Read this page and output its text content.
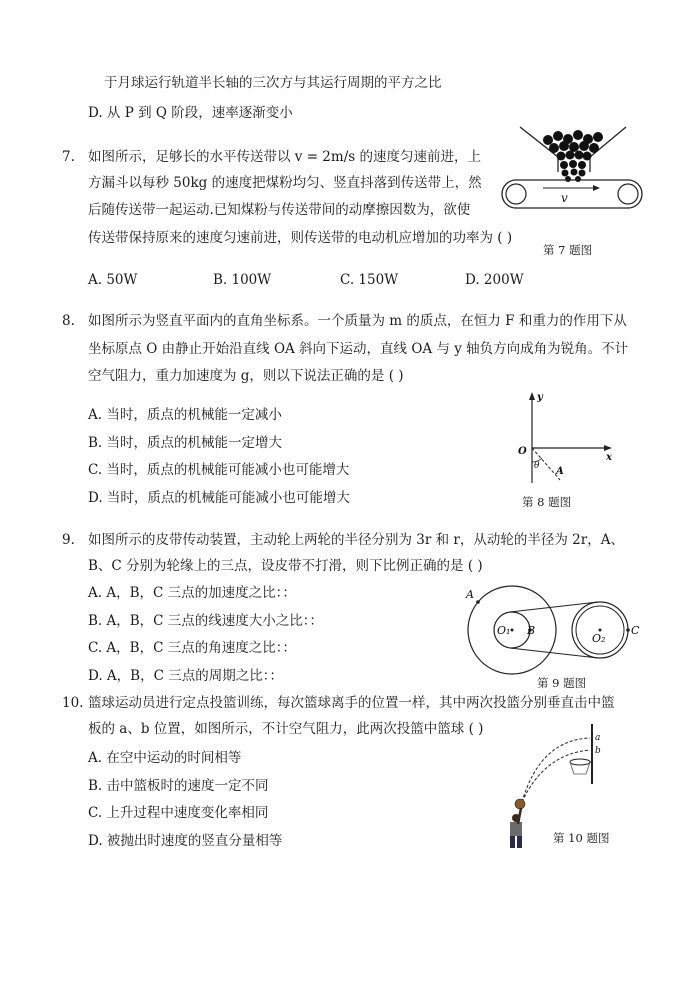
于月球运行轨道半长轴的三次方与其运行周期的平方之比
D. 从 P 到 Q 阶段，速率逐渐变小
7. 如图所示，足够长的水平传送带以 v = 2m/s 的速度匀速前进，上
方漏斗以每秒 50kg 的速度把煤粉均匀、竖直抖落到传送带上，然
后随传送带一起运动.已知煤粉与传送带间的动摩擦因数为，欲使
传送带保持原来的速度匀速前进，则传送带的电动机应增加的功率为 ( )
A. 50W	B. 100W	C. 150W	D. 200W
v
第 7 题图
8. 如图所示为竖直平面内的直角坐标系。一个质量为 m 的质点，在恒力 F 和重力的作用下从
坐标原点 O 由静止开始沿直线 OA 斜向下运动，直线 OA 与 y 轴负方向成角为锐角。不计
空气阻力，重力加速度为 g，则以下说法正确的是 ( )
A. 当时，质点的机械能一定减小
B. 当时，质点的机械能一定增大
C. 当时，质点的机械能可能减小也可能增大
D. 当时，质点的机械能可能减小也可能增大
y
x
O
θ A
第 8 题图
9. 如图所示的皮带传动装置，主动轮上两轮的半径分别为 3r 和 r，从动轮的半径为 2r，A、
B、C 分别为轮缘上的三点，设皮带不打滑，则下比例正确的是 ( )
A. A，B，C 三点的加速度之比：：
B. A，B，C 三点的线速度大小之比：：
C. A，B，C 三点的角速度之比：：
D. A，B，C 三点的周期之比：：
A
O₁ B
O₂
C
第 9 题图
10. 篮球运动员进行定点投篮训练，每次篮球离手的位置一样，其中两次投篮分别垂直击中篮
板的 a、b 位置，如图所示，不计空气阻力，此两次投篮中篮球 ( )
A. 在空中运动的时间相等
B. 击中篮板时的速度一定不同
C. 上升过程中速度变化率相同
D. 被抛出时速度的竖直分量相等
a
b
第 10 题图
